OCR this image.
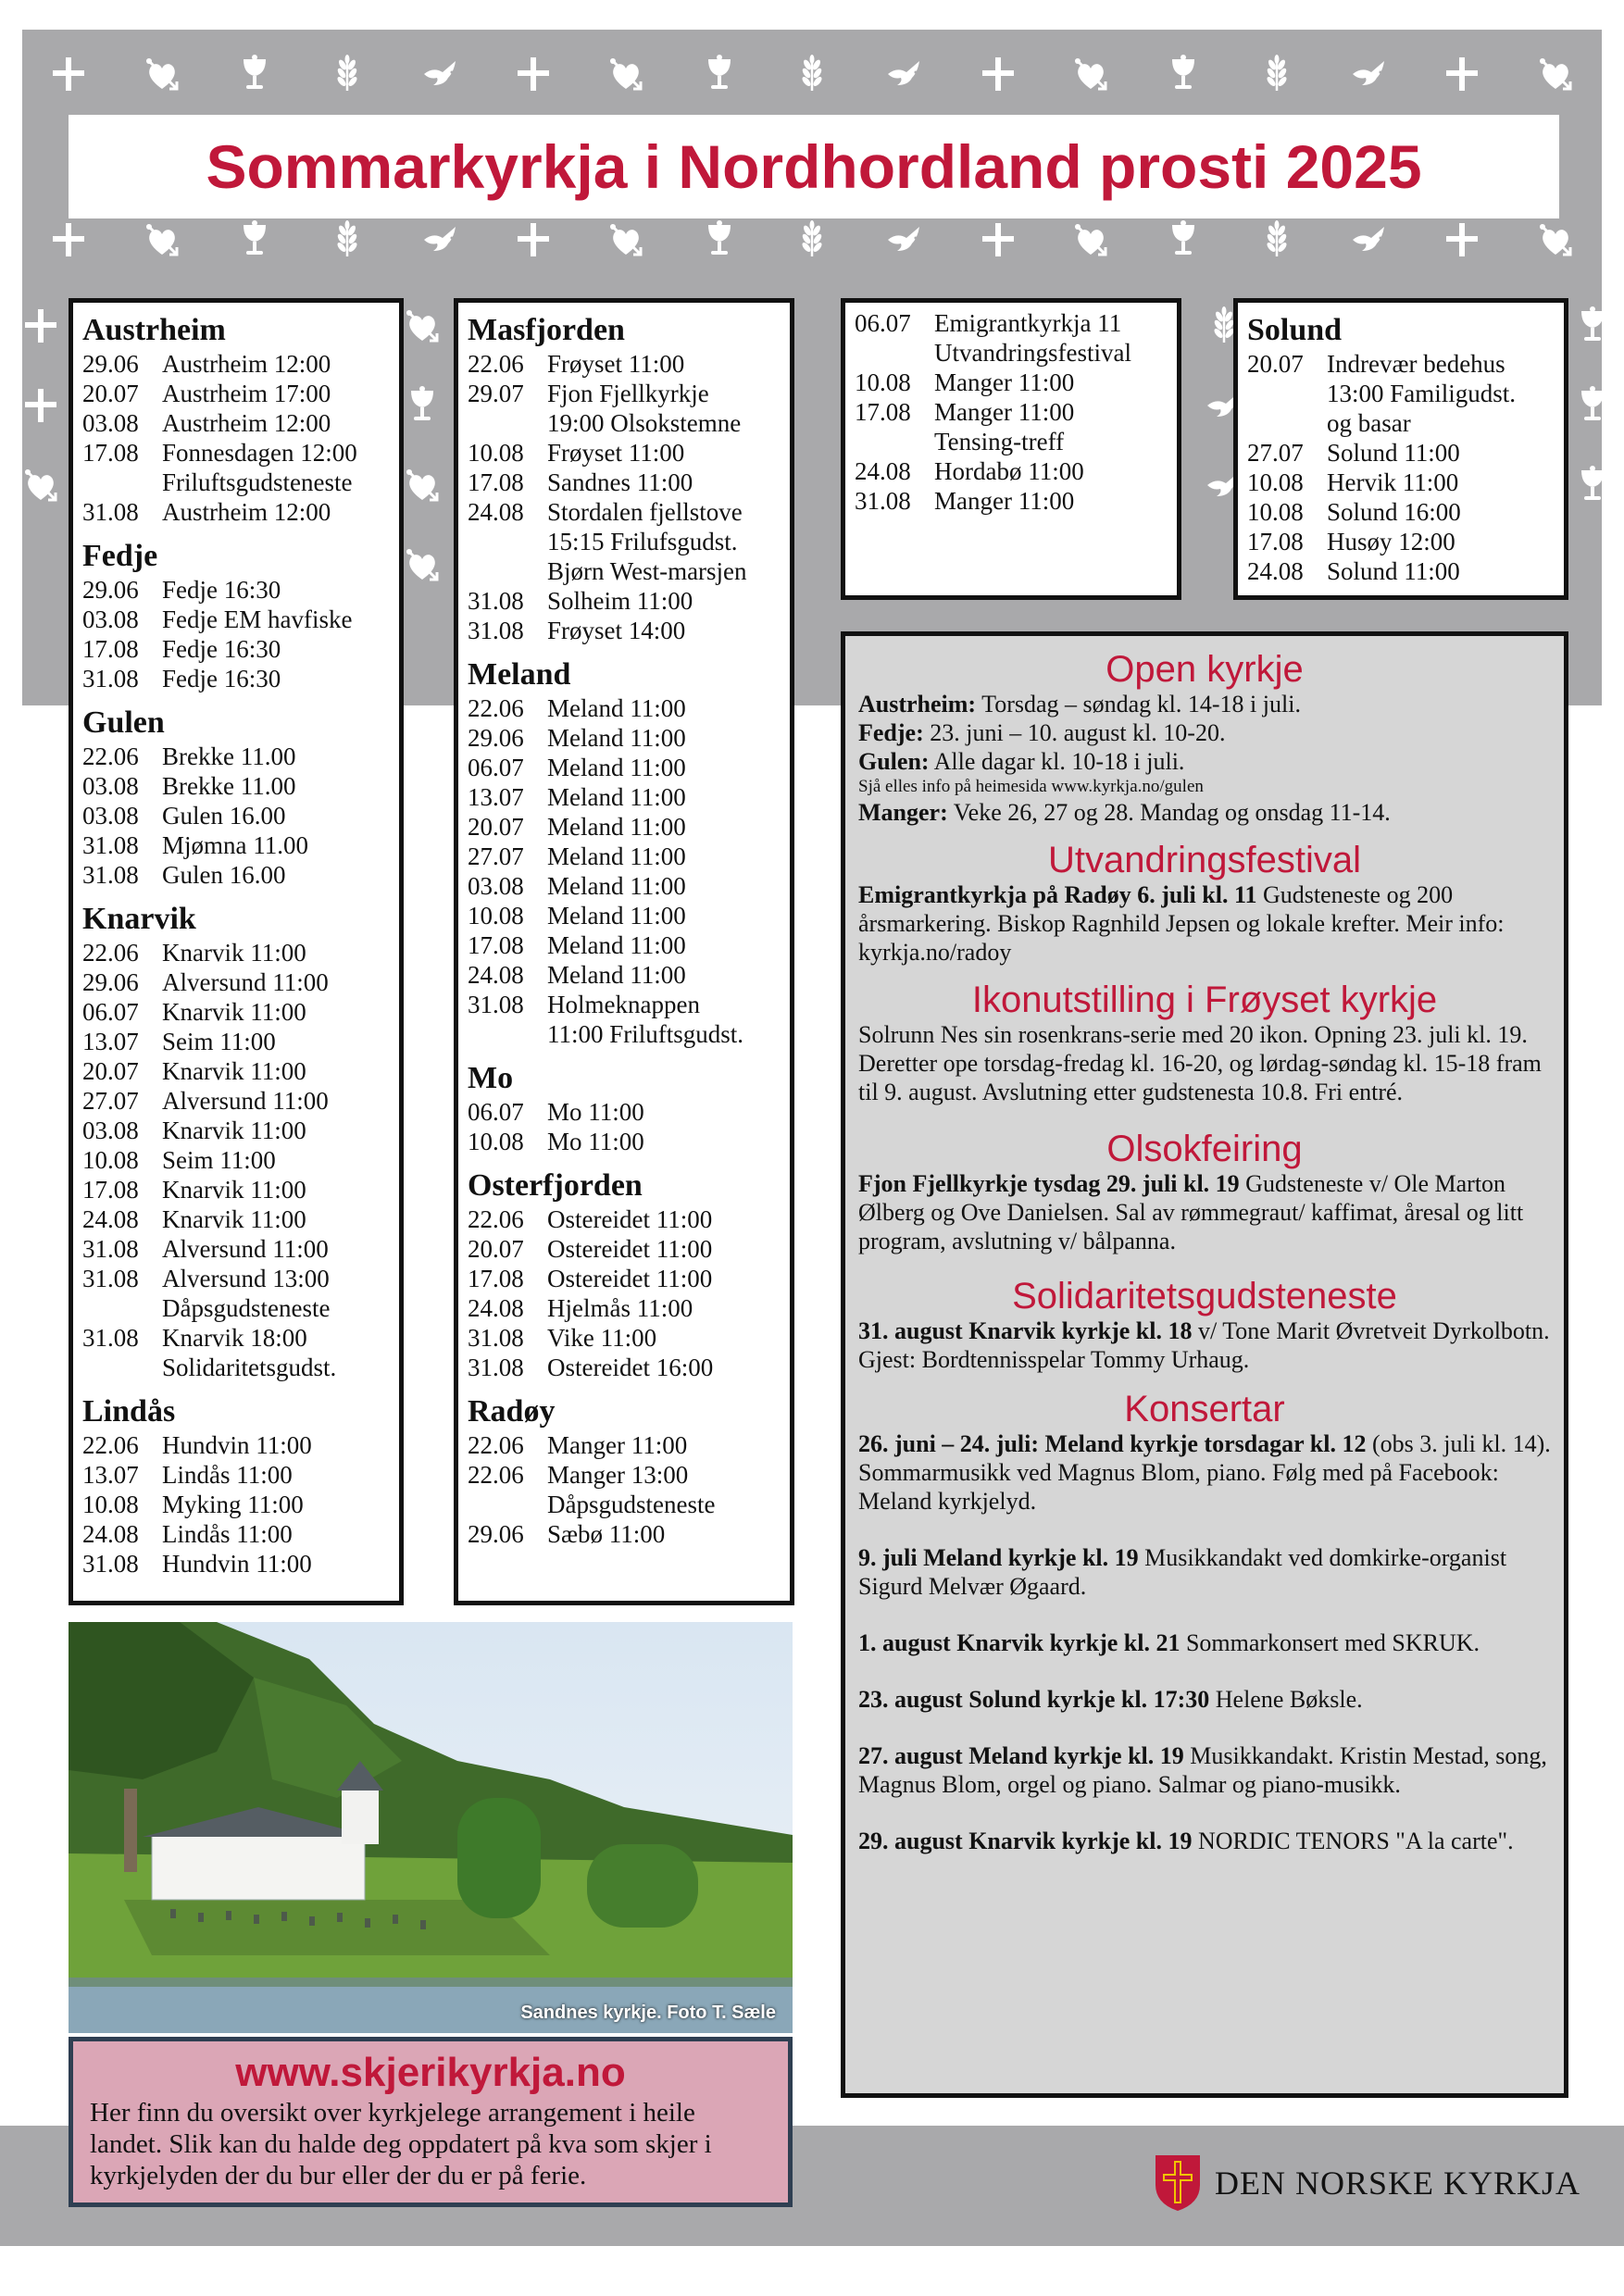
Sommarkyrkja i Nordhordland prosti 2025
Austrheim
29.06 Austrheim 12:00
20.07 Austrheim 17:00
03.08 Austrheim 12:00
17.08 Fonnesdagen 12:00
Friluftsgudsteneste
31.08 Austrheim 12:00
Fedje
29.06 Fedje 16:30
03.08 Fedje EM havfiske
17.08 Fedje 16:30
31.08 Fedje 16:30
Gulen
22.06 Brekke 11.00
03.08 Brekke 11.00
03.08 Gulen 16.00
31.08 Mjømna 11.00
31.08 Gulen 16.00
Knarvik
22.06 Knarvik 11:00
29.06 Alversund 11:00
06.07 Knarvik 11:00
13.07 Seim 11:00
20.07 Knarvik 11:00
27.07 Alversund 11:00
03.08 Knarvik 11:00
10.08 Seim 11:00
17.08 Knarvik 11:00
24.08 Knarvik 11:00
31.08 Alversund 11:00
31.08 Alversund 13:00
Dåpsgudsteneste
31.08 Knarvik 18:00
Solidaritetsgudst.
Lindås
22.06 Hundvin 11:00
13.07 Lindås 11:00
10.08 Myking 11:00
24.08 Lindås 11:00
31.08 Hundvin 11:00
Masfjorden
22.06 Frøyset 11:00
29.07 Fjon Fjellkyrkje
19:00 Olsokstemne
10.08 Frøyset 11:00
17.08 Sandnes 11:00
24.08 Stordalen fjellstove
15:15 Frilufsgudst.
Bjørn West-marsjen
31.08 Solheim 11:00
31.08 Frøyset 14:00
Meland
22.06 Meland 11:00
29.06 Meland 11:00
06.07 Meland 11:00
13.07 Meland 11:00
20.07 Meland 11:00
27.07 Meland 11:00
03.08 Meland 11:00
10.08 Meland 11:00
17.08 Meland 11:00
24.08 Meland 11:00
31.08 Holmeknappen
11:00 Friluftsgudst.
Mo
06.07 Mo 11:00
10.08 Mo 11:00
Osterfjorden
22.06 Ostereidet 11:00
20.07 Ostereidet 11:00
17.08 Ostereidet 11:00
24.08 Hjelmås 11:00
31.08 Vike 11:00
31.08 Ostereidet 16:00
Radøy
22.06 Manger 11:00
22.06 Manger 13:00
Dåpsgudsteneste
29.06 Sæbø 11:00
06.07 Emigrantkyrkja 11
Utvandringsfestival
10.08 Manger 11:00
17.08 Manger 11:00
Tensing-treff
24.08 Hordabø 11:00
31.08 Manger 11:00
Solund
20.07 Indrevær bedehus
13:00 Familigudst.
og basar
27.07 Solund 11:00
10.08 Hervik 11:00
10.08 Solund 16:00
17.08 Husøy 12:00
24.08 Solund 11:00
Open kyrkje

Austrheim: Torsdag – søndag kl. 14-18 i juli.

Fedje: 23. juni – 10. august kl. 10-20.

Gulen: Alle dagar kl. 10-18 i juli.

Sjå elles info på heimesida www.kyrkja.no/gulen

Manger: Veke 26, 27 og 28. Mandag og onsdag 11-14.

Utvandringsfestival

Emigrantkyrkja på Radøy 6. juli kl. 11 Gudsteneste og 200 årsmarkering. Biskop Ragnhild Jepsen og lokale krefter. Meir info: kyrkja.no/radoy

Ikonutstilling i Frøyset kyrkje

Solrunn Nes sin rosenkrans-serie med 20 ikon. Opning 23. juli kl. 19. Deretter ope torsdag-fredag kl. 16-20, og lørdag-søndag kl. 15-18 fram til 9. august. Avslutning etter gudstenesta 10.8. Fri entré.

Olsokfeiring

Fjon Fjellkyrkje tysdag 29. juli kl. 19 Gudsteneste v/ Ole Marton Ølberg og Ove Danielsen. Sal av rømmegraut/ kaffimat, åresal og litt program, avslutning v/ bålpanna.

Solidaritetsgudsteneste

31. august Knarvik kyrkje kl. 18 v/ Tone Marit Øvretveit Dyrkolbotn. Gjest: Bordtennisspelar Tommy Urhaug.

Konsertar

26. juni – 24. juli: Meland kyrkje torsdagar kl. 12 (obs 3. juli kl. 14). Sommarmusikk ved Magnus Blom, piano. Følg med på Facebook: Meland kyrkjelyd.

9. juli Meland kyrkje kl. 19 Musikkandakt ved domkirke-organist Sigurd Melvær Øgaard.

1. august Knarvik kyrkje kl. 21 Sommarkonsert med SKRUK.

23. august Solund kyrkje kl. 17:30 Helene Bøksle.

27. august Meland kyrkje kl. 19 Musikkandakt. Kristin Mestad, song, Magnus Blom, orgel og piano. Salmar og piano-musikk.

29. august Knarvik kyrkje kl. 19 NORDIC TENORS "A la carte".

Sandnes kyrkje. Foto T. Sæle
www.skjerikyrkja.no
Her finn du oversikt over kyrkjelege arrangement i heile landet. Slik kan du halde deg oppdatert på kva som skjer i kyrkjelyden der du bur eller der du er på ferie.	DEN NORSKE KYRKJA
